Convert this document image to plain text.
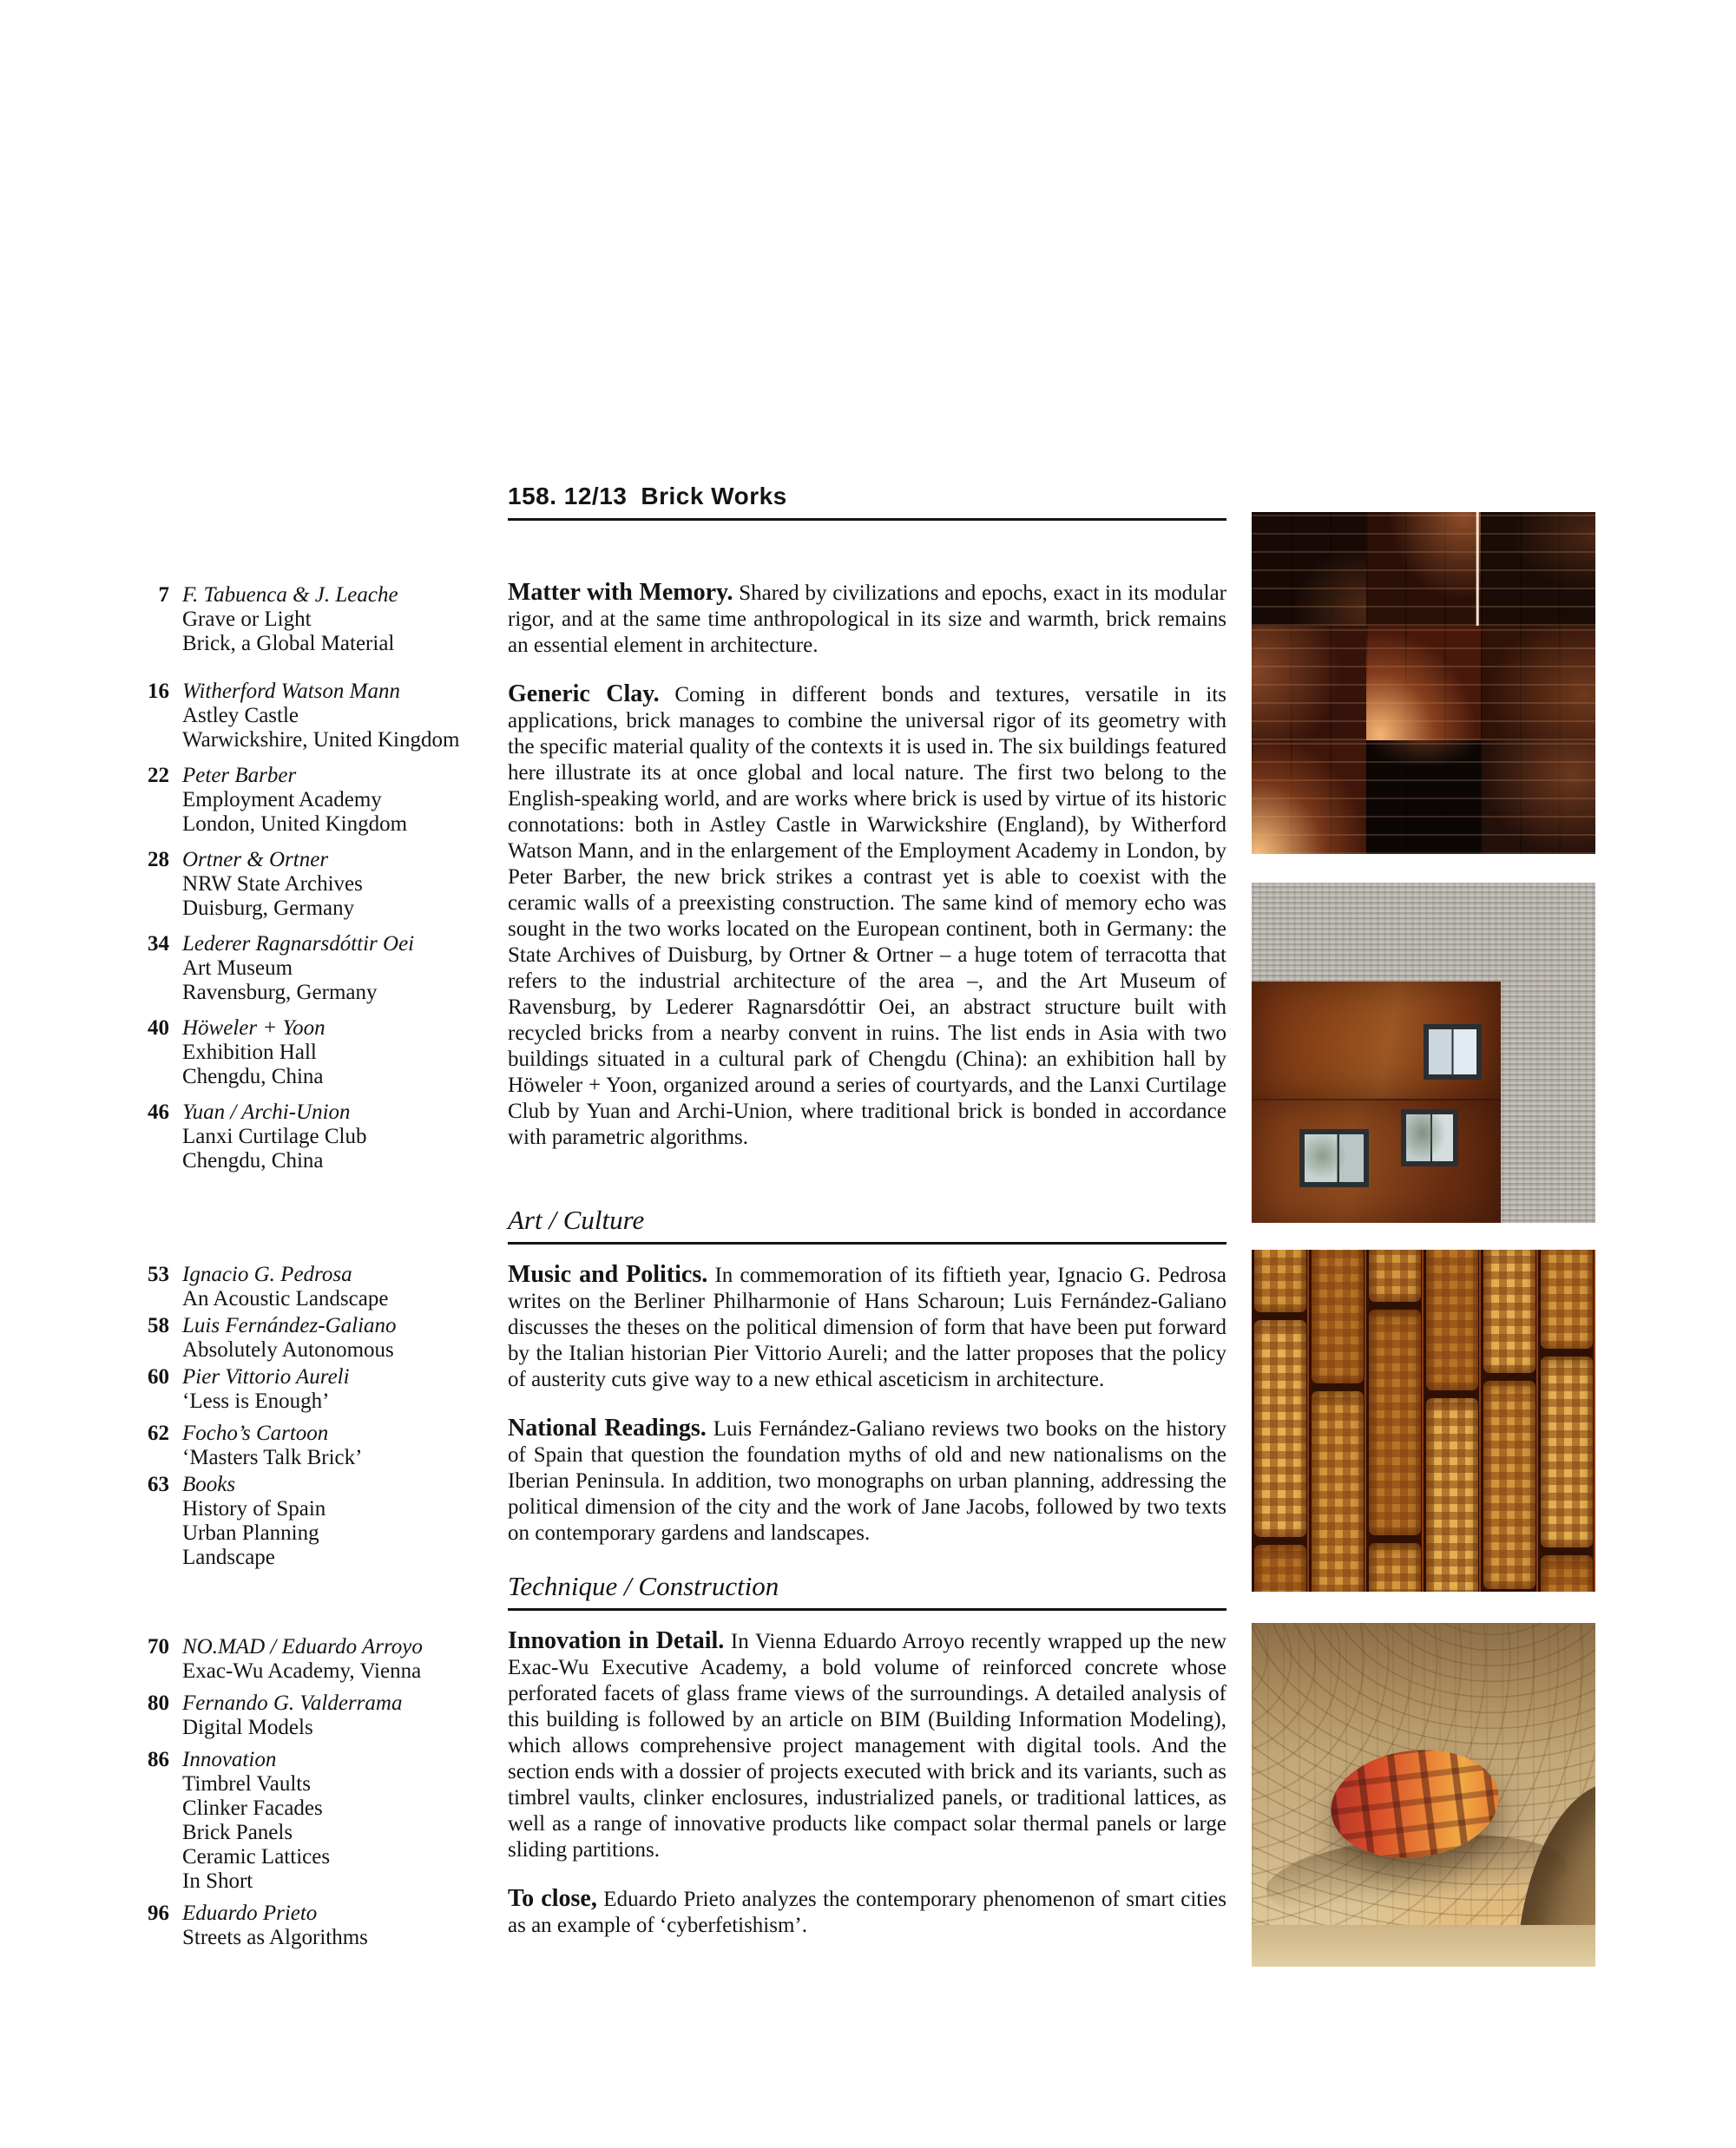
158. 12/13 Brick Works
7 F. Tabuenca & J. Leache
Grave or Light
Brick, a Global Material
16 Witherford Watson Mann
Astley Castle
Warwickshire, United Kingdom
22 Peter Barber
Employment Academy
London, United Kingdom
28 Ortner & Ortner
NRW State Archives
Duisburg, Germany
34 Lederer Ragnarsdóttir Oei
Art Museum
Ravensburg, Germany
40 Höweler + Yoon
Exhibition Hall
Chengdu, China
46 Yuan / Archi-Union
Lanxi Curtilage Club
Chengdu, China
53 Ignacio G. Pedrosa
An Acoustic Landscape
58 Luis Fernández-Galiano
Absolutely Autonomous
60 Pier Vittorio Aureli
‘Less is Enough’
62 Focho’s Cartoon
‘Masters Talk Brick’
63 Books
History of Spain
Urban Planning
Landscape
70 NO.MAD / Eduardo Arroyo
Exac-Wu Academy, Vienna
80 Fernando G. Valderrama
Digital Models
86 Innovation
Timbrel Vaults
Clinker Facades
Brick Panels
Ceramic Lattices
In Short
96 Eduardo Prieto
Streets as Algorithms

Matter with Memory. Shared by civilizations and epochs, exact in its modular rigor, and at the same time anthropological in its size and warmth, brick remains an essential element in architecture.

Generic Clay. Coming in different bonds and textures, versatile in its applications, brick manages to combine the universal rigor of its geometry with the specific material quality of the contexts it is used in. The six buildings featured here illustrate its at once global and local nature. The first two belong to the English-speaking world, and are works where brick is used by virtue of its historic connotations: both in Astley Castle in Warwickshire (England), by Witherford Watson Mann, and in the enlargement of the Employment Academy in London, by Peter Barber, the new brick strikes a contrast yet is able to coexist with the ceramic walls of a preexisting construction. The same kind of memory echo was sought in the two works located on the European continent, both in Germany: the State Archives of Duisburg, by Ortner & Ortner – a huge totem of terracotta that refers to the industrial architecture of the area –, and the Art Museum of Ravensburg, by Lederer Ragnarsdóttir Oei, an abstract structure built with recycled bricks from a nearby convent in ruins. The list ends in Asia with two buildings situated in a cultural park of Chengdu (China): an exhibition hall by Höweler + Yoon, organized around a series of courtyards, and the Lanxi Curtilage Club by Yuan and Archi-Union, where traditional brick is bonded in accordance with parametric algorithms.

Art / Culture

Music and Politics. In commemoration of its fiftieth year, Ignacio G. Pedrosa writes on the Berliner Philharmonie of Hans Scharoun; Luis Fernández-Galiano discusses the theses on the political dimension of form that have been put forward by the Italian historian Pier Vittorio Aureli; and the latter proposes that the policy of austerity cuts give way to a new ethical asceticism in architecture.

National Readings. Luis Fernández-Galiano reviews two books on the history of Spain that question the foundation myths of old and new nationalisms on the Iberian Peninsula. In addition, two monographs on urban planning, addressing the political dimension of the city and the work of Jane Jacobs, followed by two texts on contemporary gardens and landscapes.

Technique / Construction

Innovation in Detail. In Vienna Eduardo Arroyo recently wrapped up the new Exac-Wu Executive Academy, a bold volume of reinforced concrete whose perforated facets of glass frame views of the surroundings. A detailed analysis of this building is followed by an article on BIM (Building Information Modeling), which allows comprehensive project management with digital tools. And the section ends with a dossier of projects executed with brick and its variants, such as timbrel vaults, clinker enclosures, industrialized panels, or traditional lattices, as well as a range of innovative products like compact solar thermal panels or large sliding partitions.

To close, Eduardo Prieto analyzes the contemporary phenomenon of smart cities as an example of ‘cyberfetishism’.
